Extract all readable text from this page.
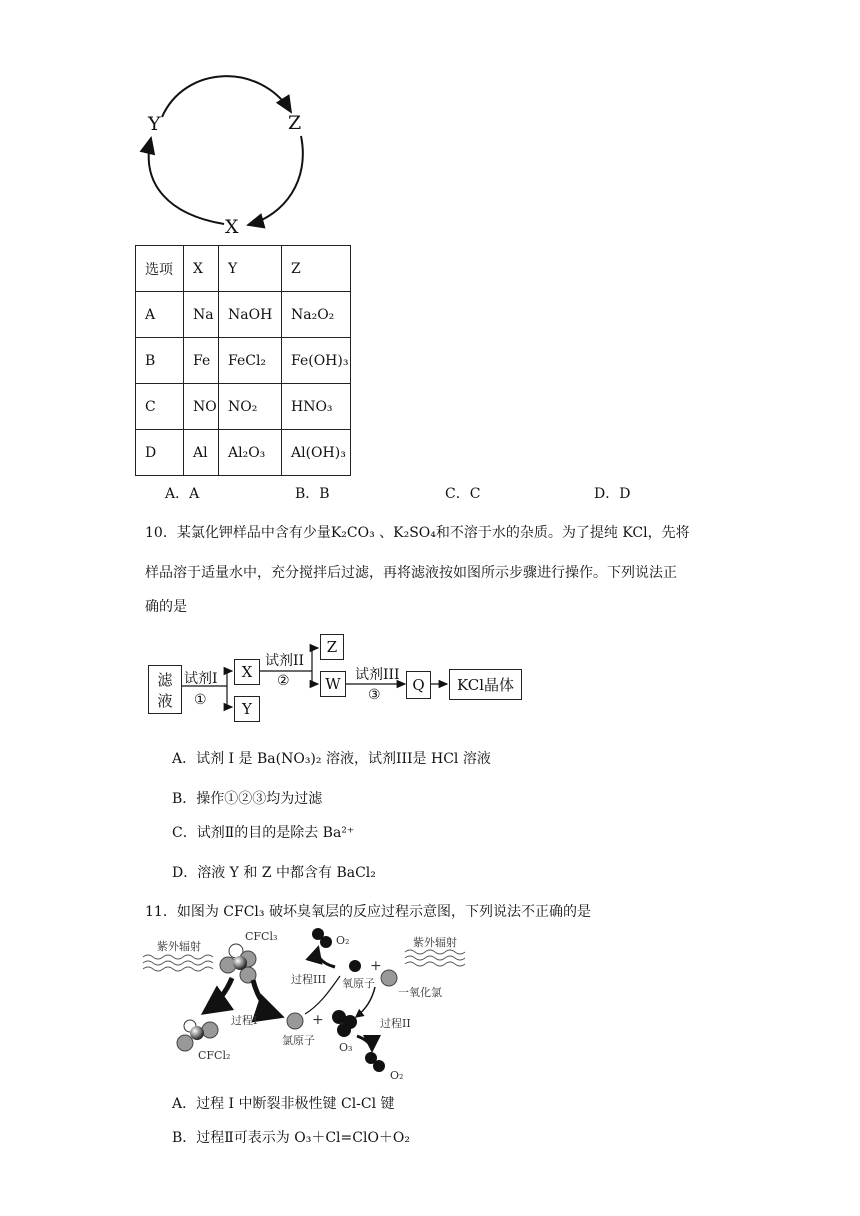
Y	Z
X
选项	X	Y	Z
A	Na	NaOH	Na₂O₂
B	Fe	FeCl₂	Fe(OH)₃
C	NO	NO₂	HNO₃
D	Al	Al₂O₃	Al(OH)₃
A．A	B．B	C．C	D．D
10．某氯化钾样品中含有少量K₂CO₃ 、K₂SO₄和不溶于水的杂质。为了提纯 KCl，先将
样品溶于适量水中，充分搅拌后过滤，再将滤液按如图所示步骤进行操作。下列说法正
确的是
滤
液
试剂I
①
X
Y
试剂II
②
Z
W 试剂III
③
Q KCl晶体
A．试剂 I 是 Ba(NO₃)₂ 溶液，试剂III是 HCl 溶液
B．操作①②③均为过滤
C．试剂Ⅱ的目的是除去 Ba²⁺
D．溶液 Y 和 Z 中都含有 BaCl₂
11．如图为 CFCl₃ 破坏臭氧层的反应过程示意图，下列说法不正确的是
紫外辐射	紫外辐射
CFCl₃
CFCl₂
过程I	过程II
过程III
氯原子
氧原子
一氧化氯
O₂
O₃
O₂
+
+
A．过程 I 中断裂非极性键 Cl-Cl 键
B．过程Ⅱ可表示为 O₃＋Cl=ClO＋O₂
